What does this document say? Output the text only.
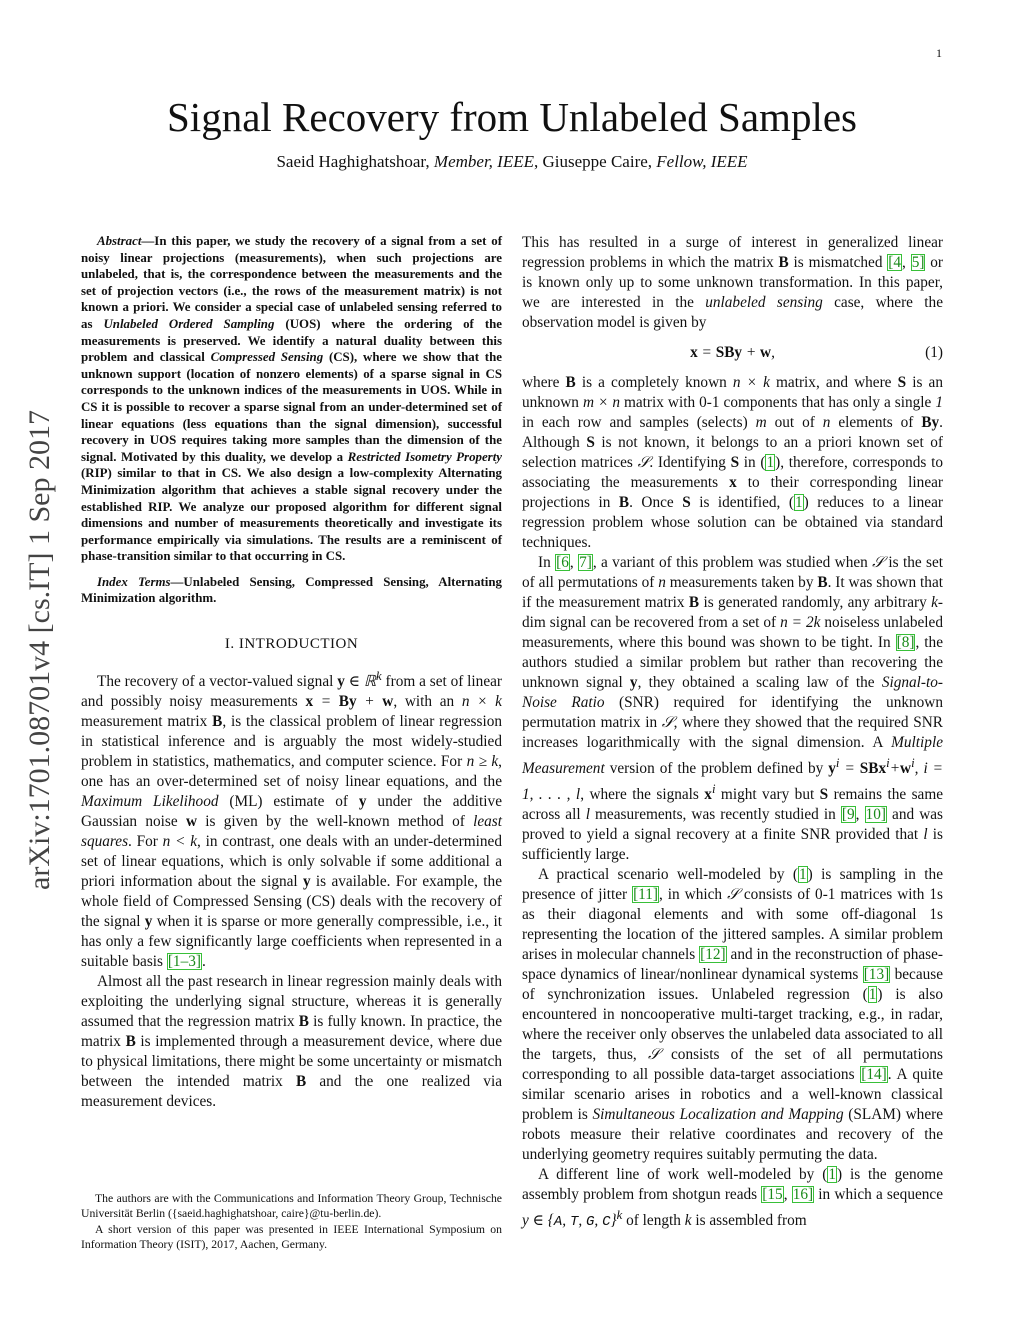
1
arXiv:1701.08701v4 [cs.IT] 1 Sep 2017
Signal Recovery from Unlabeled Samples
Saeid Haghighatshoar, Member, IEEE, Giuseppe Caire, Fellow, IEEE

Abstract—In this paper, we study the recovery of a signal from a set of noisy linear projections (measurements), when such projections are unlabeled, that is, the correspondence between the measurements and the set of projection vectors (i.e., the rows of the measurement matrix) is not known a priori. We consider a special case of unlabeled sensing referred to as Unlabeled Ordered Sampling (UOS) where the ordering of the measurements is preserved. We identify a natural duality between this problem and classical Compressed Sensing (CS), where we show that the unknown support (location of nonzero elements) of a sparse signal in CS corresponds to the unknown indices of the measurements in UOS. While in CS it is possible to recover a sparse signal from an under-determined set of linear equations (less equations than the signal dimension), successful recovery in UOS requires taking more samples than the dimension of the signal. Motivated by this duality, we develop a Restricted Isometry Property (RIP) similar to that in CS. We also design a low-complexity Alternating Minimization algorithm that achieves a stable signal recovery under the established RIP. We analyze our proposed algorithm for different signal dimensions and number of measurements theoretically and investigate its performance empirically via simulations. The results are a reminiscent of phase-transition similar to that occurring in CS.

Index Terms—Unlabeled Sensing, Compressed Sensing, Alternating Minimization algorithm.

I. INTRODUCTION

The recovery of a vector-valued signal y ∈ ℝ$^k$ from a set of linear and possibly noisy measurements x = By + w, with an n × k measurement matrix B, is the classical problem of linear regression in statistical inference and is arguably the most widely-studied problem in statistics, mathematics, and computer science. For n ≥ k, one has an over-determined set of noisy linear equations, and the Maximum Likelihood (ML) estimate of y under the additive Gaussian noise w is given by the well-known method of least squares. For n < k, in contrast, one deals with an under-determined set of linear equations, which is only solvable if some additional a priori information about the signal y is available. For example, the whole field of Compressed Sensing (CS) deals with the recovery of the signal y when it is sparse or more generally compressible, i.e., it has only a few significantly large coefficients when represented in a suitable basis [1–3].

Almost all the past research in linear regression mainly deals with exploiting the underlying signal structure, whereas it is generally assumed that the regression matrix B is fully known. In practice, the matrix B is implemented through a measurement device, where due to physical limitations, there might be some uncertainty or mismatch between the intended matrix B and the one realized via measurement devices.

The authors are with the Communications and Information Theory Group, Technische Universität Berlin ({saeid.haghighatshoar, caire}@tu-berlin.de).

A short version of this paper was presented in IEEE International Symposium on Information Theory (ISIT), 2017, Aachen, Germany.

This has resulted in a surge of interest in generalized linear regression problems in which the matrix B is mismatched [4, 5] or is known only up to some unknown transformation. In this paper, we are interested in the unlabeled sensing case, where the observation model is given by

x = SBy + w,	(1)

where B is a completely known n × k matrix, and where S is an unknown m × n matrix with 0-1 components that has only a single 1 in each row and samples (selects) m out of n elements of By. Although S is not known, it belongs to an a priori known set of selection matrices 𝒮. Identifying S in (1), therefore, corresponds to associating the measurements x to their corresponding linear projections in B. Once S is identified, (1) reduces to a linear regression problem whose solution can be obtained via standard techniques.

In [6, 7], a variant of this problem was studied when 𝒮 is the set of all permutations of n measurements taken by B. It was shown that if the measurement matrix B is generated randomly, any arbitrary k-dim signal can be recovered from a set of n = 2k noiseless unlabeled measurements, where this bound was shown to be tight. In [8], the authors studied a similar problem but rather than recovering the unknown signal y, they obtained a scaling law of the Signal-to-Noise Ratio (SNR) required for identifying the unknown permutation matrix in 𝒮, where they showed that the required SNR increases logarithmically with the signal dimension. A Multiple Measurement version of the problem defined by $y^i = SBx^i+w^i$, i = 1, . . . , l, where the signals $x^i$ might vary but S remains the same across all l measurements, was recently studied in [9, 10] and was proved to yield a signal recovery at a finite SNR provided that l is sufficiently large.

A practical scenario well-modeled by (1) is sampling in the presence of jitter [11], in which 𝒮 consists of 0-1 matrices with 1s as their diagonal elements and with some off-diagonal 1s representing the location of the jittered samples. A similar problem arises in molecular channels [12] and in the reconstruction of phase-space dynamics of linear/nonlinear dynamical systems [13] because of synchronization issues. Unlabeled regression (1) is also encountered in noncooperative multi-target tracking, e.g., in radar, where the receiver only observes the unlabeled data associated to all the targets, thus, 𝒮 consists of the set of all permutations corresponding to all possible data-target associations [14]. A quite similar scenario arises in robotics and a well-known classical problem is Simultaneous Localization and Mapping (SLAM) where robots measure their relative coordinates and recovery of the underlying geometry requires suitably permuting the data.

A different line of work well-modeled by (1) is the genome assembly problem from shotgun reads [15, 16] in which a sequence y ∈ {A, T, G, C}$^k$ of length k is assembled from
